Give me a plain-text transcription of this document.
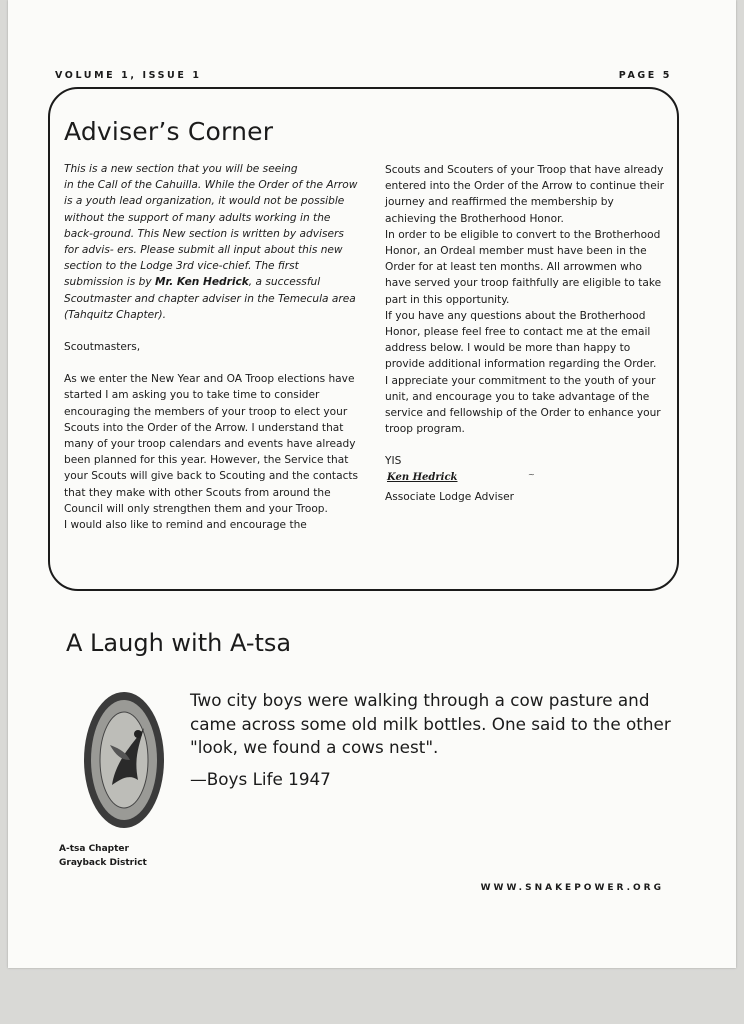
VOLUME 1, ISSUE 1	PAGE 5
Adviser’s Corner

This is a new section that you will be seeing
in the Call of the Cahuilla. While the Order of the Arrow is a youth lead organization, it would not be possible without the support of many adults working in the back-ground. This New section is written by advisers for advis- ers. Please submit all input about this new section to the Lodge 3rd vice-chief. The first submission is by Mr. Ken Hedrick, a successful Scoutmaster and chapter adviser in the Temecula area (Tahquitz Chapter).

Scoutmasters,

As we enter the New Year and OA Troop elections have started I am asking you to take time to consider encouraging the members of your troop to elect your Scouts into the Order of the Arrow. I understand that many of your troop calendars and events have already been planned for this year. However, the Service that your Scouts will give back to Scouting and the contacts that they make with other Scouts from around the Council will only strengthen them and your Troop.

I would also like to remind and encourage the

Scouts and Scouters of your Troop that have already entered into the Order of the Arrow to continue their journey and reaffirmed the membership by achieving the Brotherhood Honor.

In order to be eligible to convert to the Brotherhood Honor, an Ordeal member must have been in the Order for at least ten months. All arrowmen who have served your troop faithfully are eligible to take part in this opportunity.

If you have any questions about the Brotherhood Honor, please feel free to contact me at the email address below. I would be more than happy to provide additional information regarding the Order.

I appreciate your commitment to the youth of your unit, and encourage you to take advantage of the service and fellowship of the Order to enhance your troop program.

YIS
Ken Hedrick	~

Associate Lodge Adviser

A Laugh with A-tsa
A-tsa Chapter
Grayback District
Two city boys were walking through a cow pasture and came across some old milk bottles. One said to the other "look, we found a cows nest".
—Boys Life 1947
WWW.SNAKEPOWER.ORG
